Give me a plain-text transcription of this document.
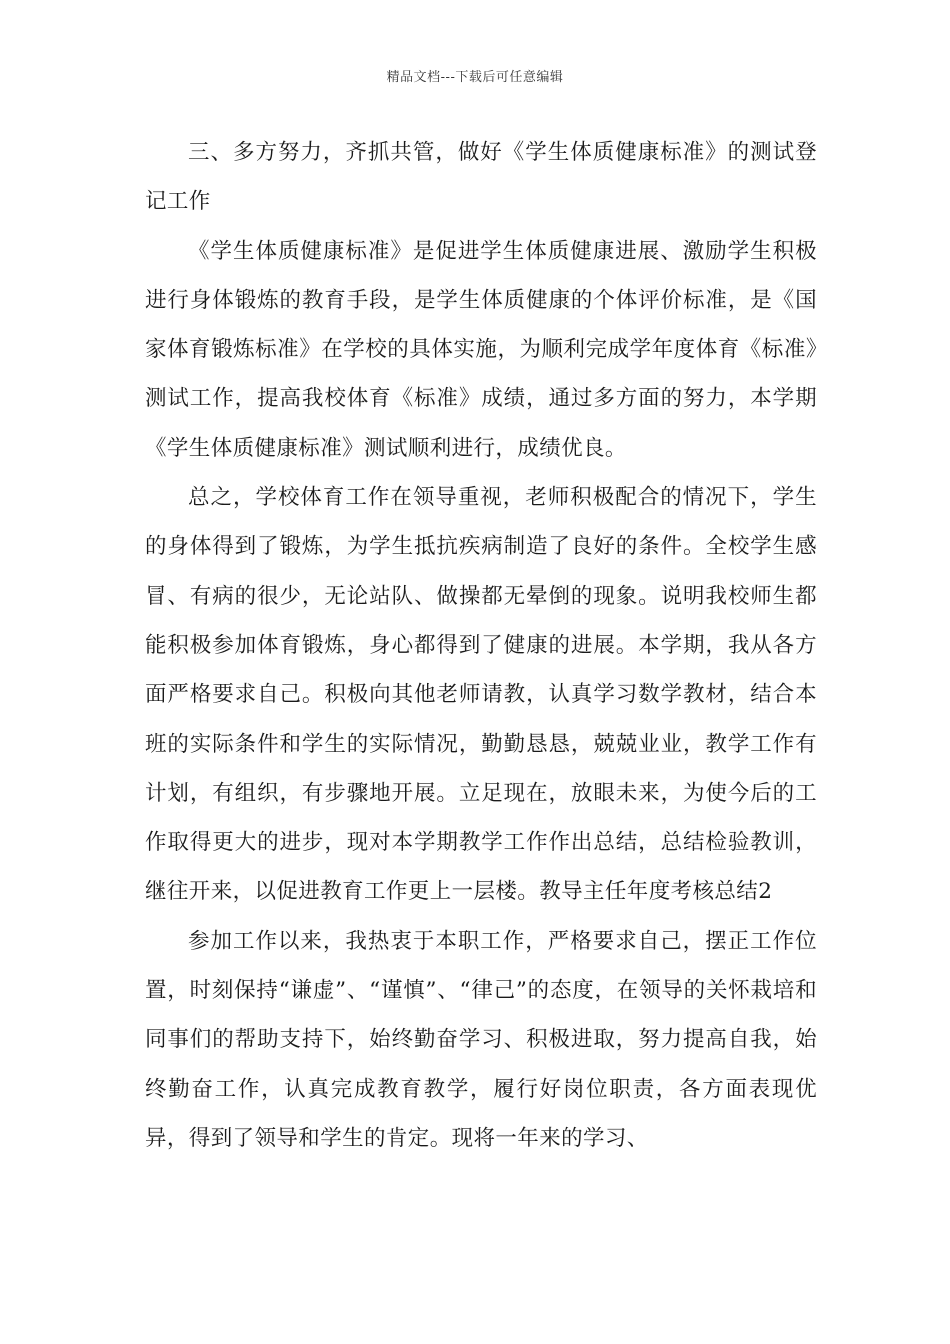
精品文档---下载后可任意编辑

三、多方努力，齐抓共管，做好《学生体质健康标准》的测试登记工作

《学生体质健康标准》是促进学生体质健康进展、激励学生积极进行身体锻炼的教育手段，是学生体质健康的个体评价标准，是《国家体育锻炼标准》在学校的具体实施，为顺利完成学年度体育《标准》测试工作，提高我校体育《标准》成绩，通过多方面的努力，本学期《学生体质健康标准》测试顺利进行，成绩优良。

总之，学校体育工作在领导重视，老师积极配合的情况下，学生的身体得到了锻炼，为学生抵抗疾病制造了良好的条件。全校学生感冒、有病的很少，无论站队、做操都无晕倒的现象。说明我校师生都能积极参加体育锻炼，身心都得到了健康的进展。本学期，我从各方面严格要求自己。积极向其他老师请教，认真学习数学教材，结合本班的实际条件和学生的实际情况，勤勤恳恳，兢兢业业，教学工作有计划，有组织，有步骤地开展。立足现在，放眼未来，为使今后的工作取得更大的进步，现对本学期教学工作作出总结，总结检验教训，继往开来，以促进教育工作更上一层楼。教导主任年度考核总结2

参加工作以来，我热衷于本职工作，严格要求自己，摆正工作位置，时刻保持“谦虚”、“谨慎”、“律己”的态度，在领导的关怀栽培和同事们的帮助支持下，始终勤奋学习、积极进取，努力提高自我，始终勤奋工作，认真完成教育教学，履行好岗位职责，各方面表现优异，得到了领导和学生的肯定。现将一年来的学习、
